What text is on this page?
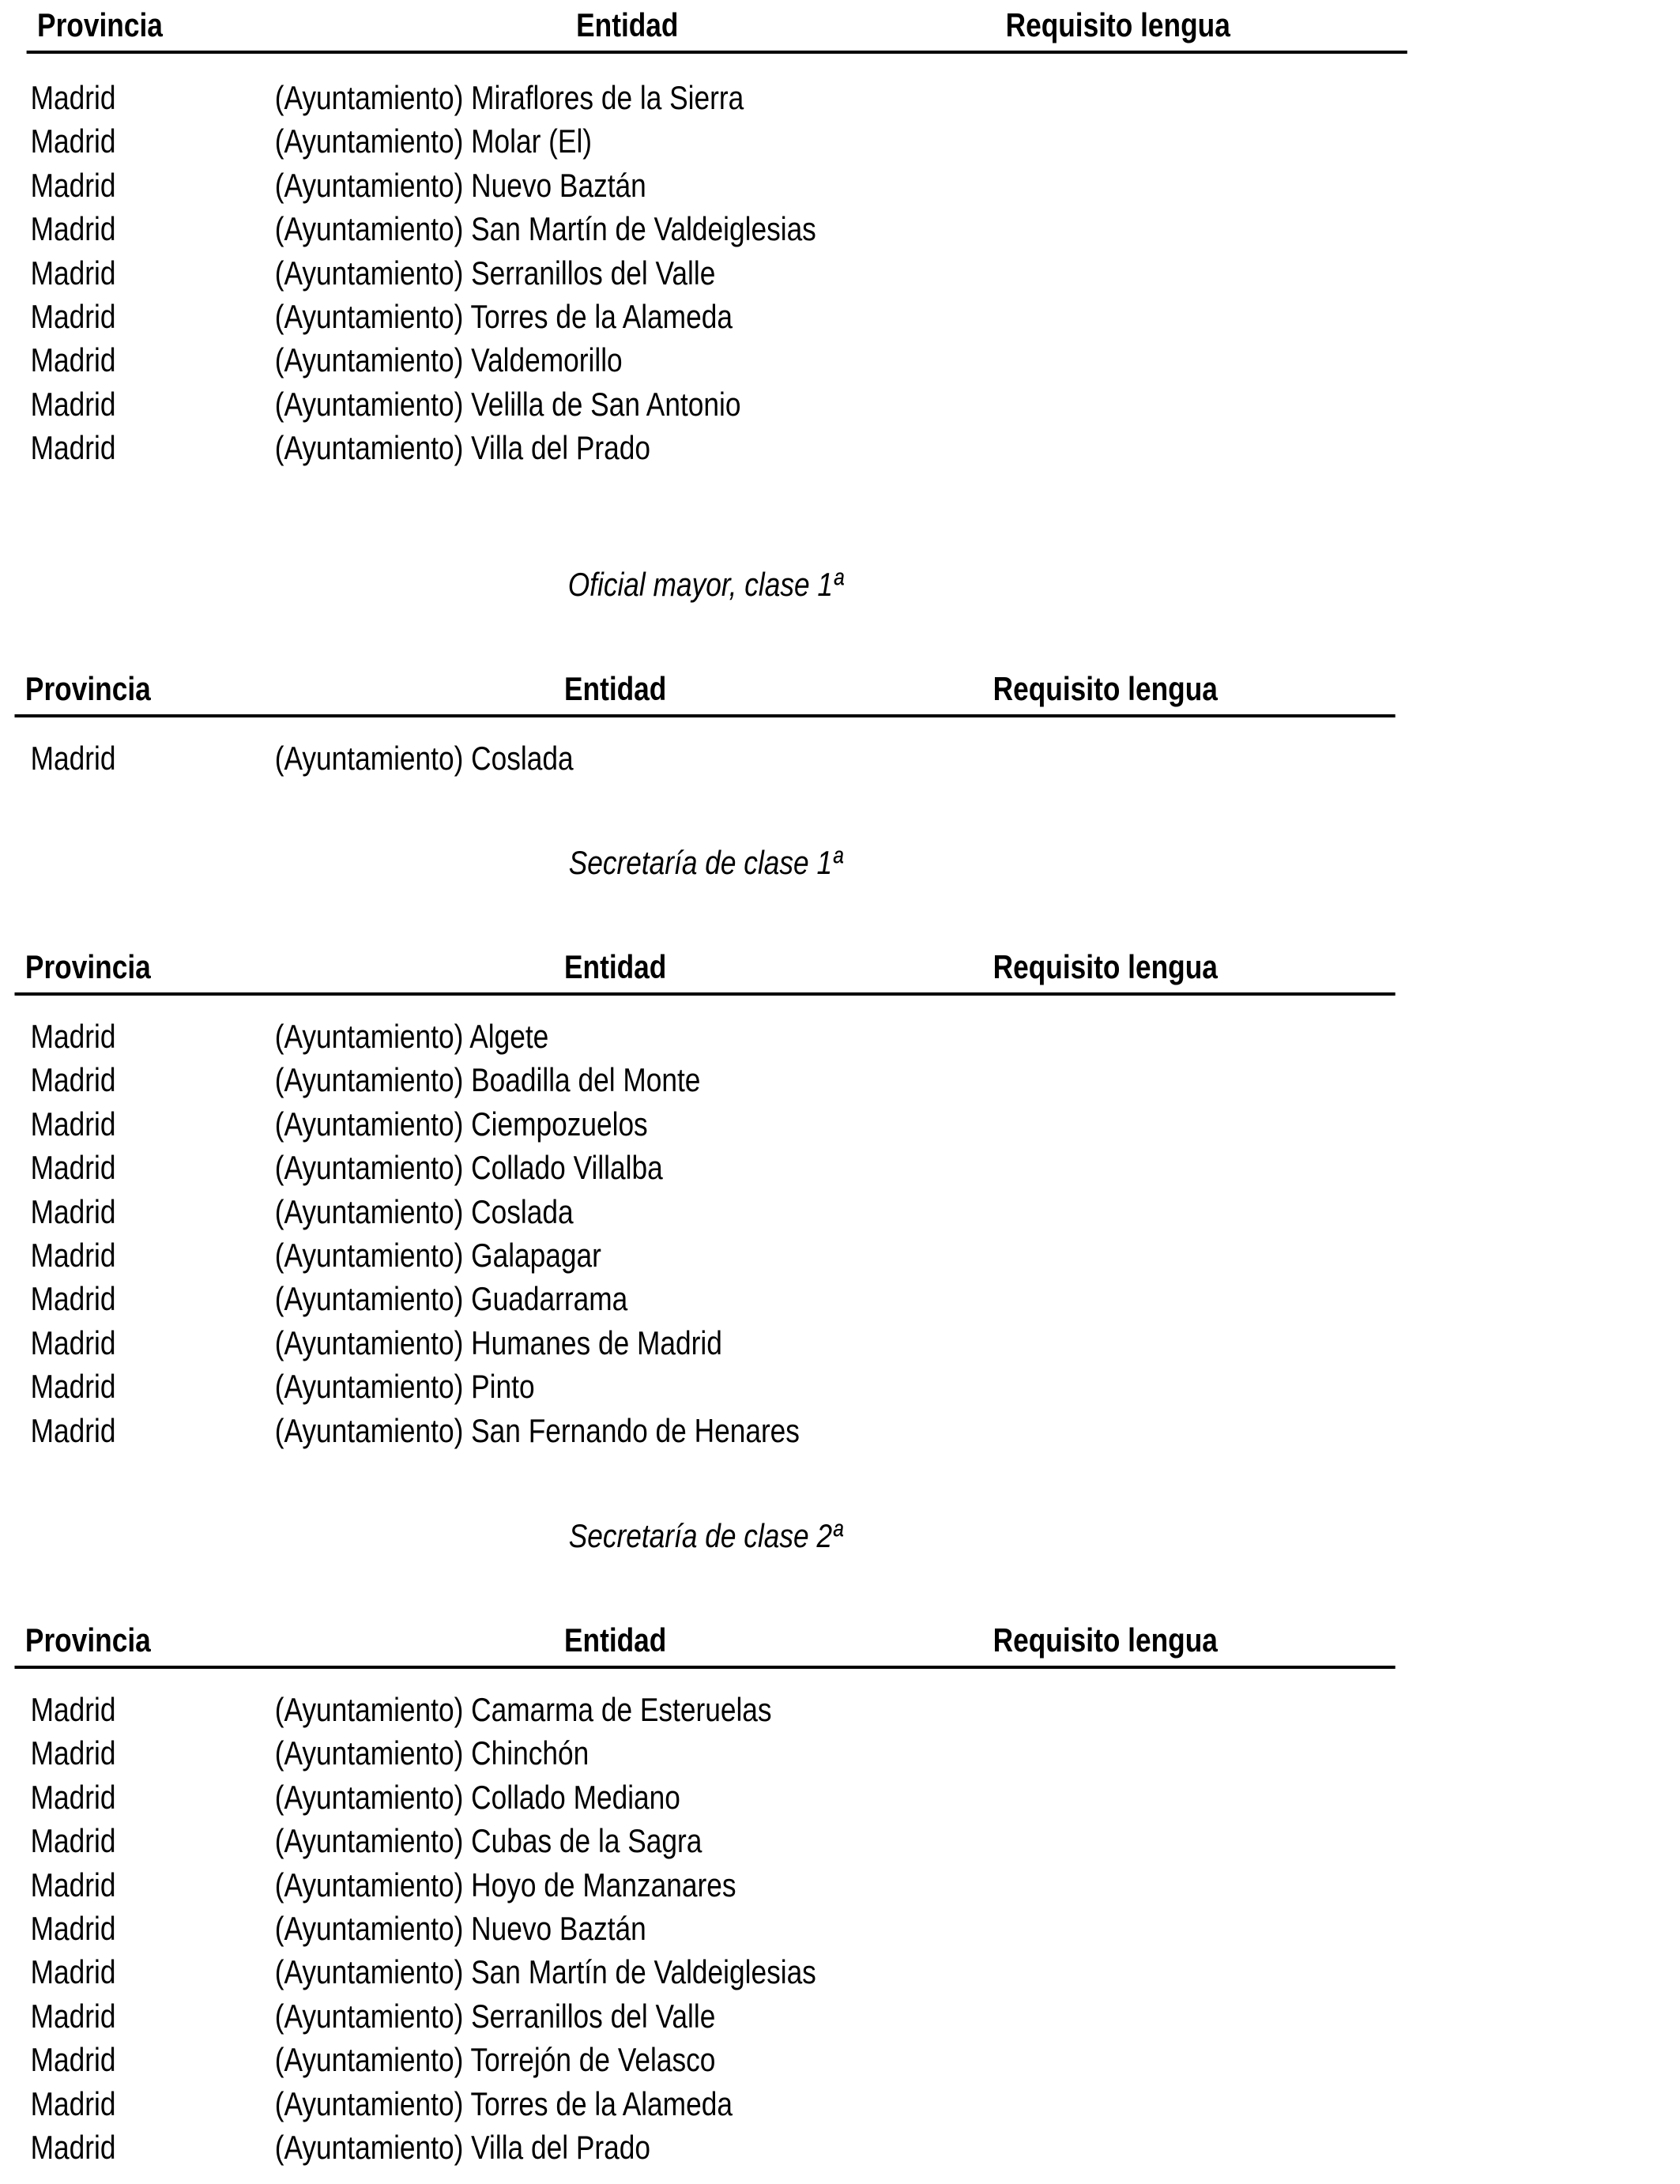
Provincia	Entidad	Requisito lengua
Madrid	(Ayuntamiento) Miraflores de la Sierra
Madrid	(Ayuntamiento) Molar (El)
Madrid	(Ayuntamiento) Nuevo Baztán
Madrid	(Ayuntamiento) San Martín de Valdeiglesias
Madrid	(Ayuntamiento) Serranillos del Valle
Madrid	(Ayuntamiento) Torres de la Alameda
Madrid	(Ayuntamiento) Valdemorillo
Madrid	(Ayuntamiento) Velilla de San Antonio
Madrid	(Ayuntamiento) Villa del Prado
Oficial mayor, clase 1ª
Provincia	Entidad	Requisito lengua
Madrid	(Ayuntamiento) Coslada
Secretaría de clase 1ª
Provincia	Entidad	Requisito lengua
Madrid	(Ayuntamiento) Algete
Madrid	(Ayuntamiento) Boadilla del Monte
Madrid	(Ayuntamiento) Ciempozuelos
Madrid	(Ayuntamiento) Collado Villalba
Madrid	(Ayuntamiento) Coslada
Madrid	(Ayuntamiento) Galapagar
Madrid	(Ayuntamiento) Guadarrama
Madrid	(Ayuntamiento) Humanes de Madrid
Madrid	(Ayuntamiento) Pinto
Madrid	(Ayuntamiento) San Fernando de Henares
Secretaría de clase 2ª
Provincia	Entidad	Requisito lengua
Madrid	(Ayuntamiento) Camarma de Esteruelas
Madrid	(Ayuntamiento) Chinchón
Madrid	(Ayuntamiento) Collado Mediano
Madrid	(Ayuntamiento) Cubas de la Sagra
Madrid	(Ayuntamiento) Hoyo de Manzanares
Madrid	(Ayuntamiento) Nuevo Baztán
Madrid	(Ayuntamiento) San Martín de Valdeiglesias
Madrid	(Ayuntamiento) Serranillos del Valle
Madrid	(Ayuntamiento) Torrejón de Velasco
Madrid	(Ayuntamiento) Torres de la Alameda
Madrid	(Ayuntamiento) Villa del Prado
